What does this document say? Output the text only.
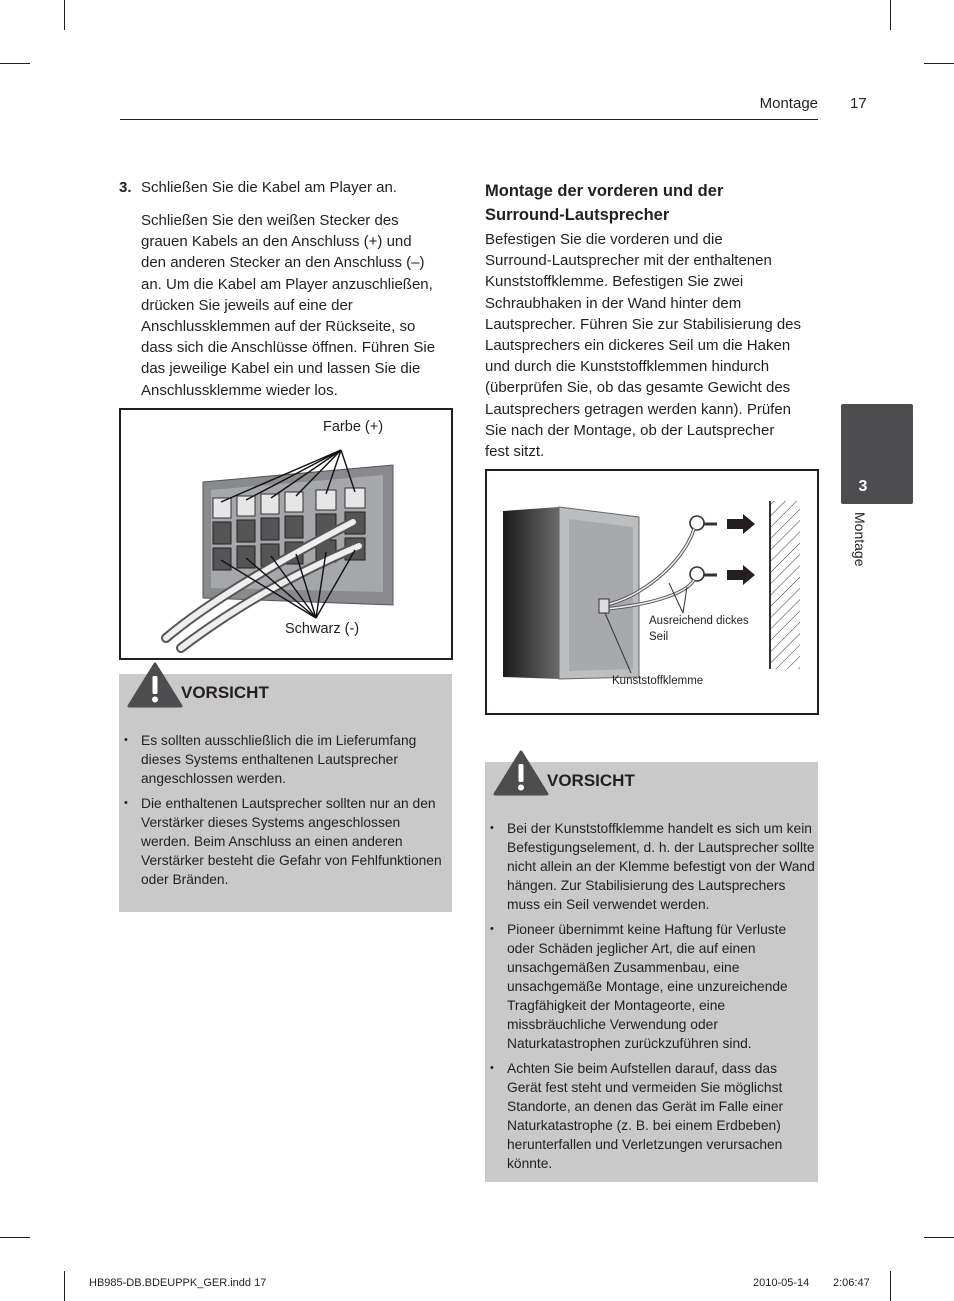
Montage 17
3. Schließen Sie die Kabel am Player an.
Schließen Sie den weißen Stecker des
grauen Kabels an den Anschluss (+) und
den anderen Stecker an den Anschluss (–)
an. Um die Kabel am Player anzuschließen,
drücken Sie jeweils auf eine der
Anschlussklemmen auf der Rückseite, so
dass sich die Anschlüsse öffnen. Führen Sie
das jeweilige Kabel ein und lassen Sie die
Anschlussklemme wieder los.
Farbe (+)
Schwarz (-)
VORSICHT
• Es sollten ausschließlich die im Lieferumfang dieses Systems enthaltenen Lautsprecher angeschlossen werden.
• Die enthaltenen Lautsprecher sollten nur an den Verstärker dieses Systems angeschlossen werden. Beim Anschluss an einen anderen Verstärker besteht die Gefahr von Fehlfunktionen oder Bränden.
Montage der vorderen und der
Surround-Lautsprecher
Befestigen Sie die vorderen und die
Surround-Lautsprecher mit der enthaltenen
Kunststoffklemme. Befestigen Sie zwei
Schraubhaken in der Wand hinter dem
Lautsprecher. Führen Sie zur Stabilisierung des
Lautsprechers ein dickeres Seil um die Haken
und durch die Kunststoffklemmen hindurch
(überprüfen Sie, ob das gesamte Gewicht des
Lautsprechers getragen werden kann). Prüfen
Sie nach der Montage, ob der Lautsprecher
fest sitzt.
Ausreichend dickes
Seil
Kunststoffklemme
VORSICHT
• Bei der Kunststoffklemme handelt es sich um kein Befestigungselement, d. h. der Lautsprecher sollte nicht allein an der Klemme befestigt von der Wand hängen. Zur Stabilisierung des Lautsprechers muss ein Seil verwendet werden.
• Pioneer übernimmt keine Haftung für Verluste oder Schäden jeglicher Art, die auf einen unsachgemäßen Zusammenbau, eine unsachgemäße Montage, eine unzureichende Tragfähigkeit der Montageorte, eine missbräuchliche Verwendung oder Naturkatastrophen zurückzuführen sind.
• Achten Sie beim Aufstellen darauf, dass das Gerät fest steht und vermeiden Sie möglichst Standorte, an denen das Gerät im Falle einer Naturkatastrophe (z. B. bei einem Erdbeben) herunterfallen und Verletzungen verursachen könnte.
3
Montage
HB985-DB.BDEUPPK_GER.indd 17	2010-05-14 2:06:47
